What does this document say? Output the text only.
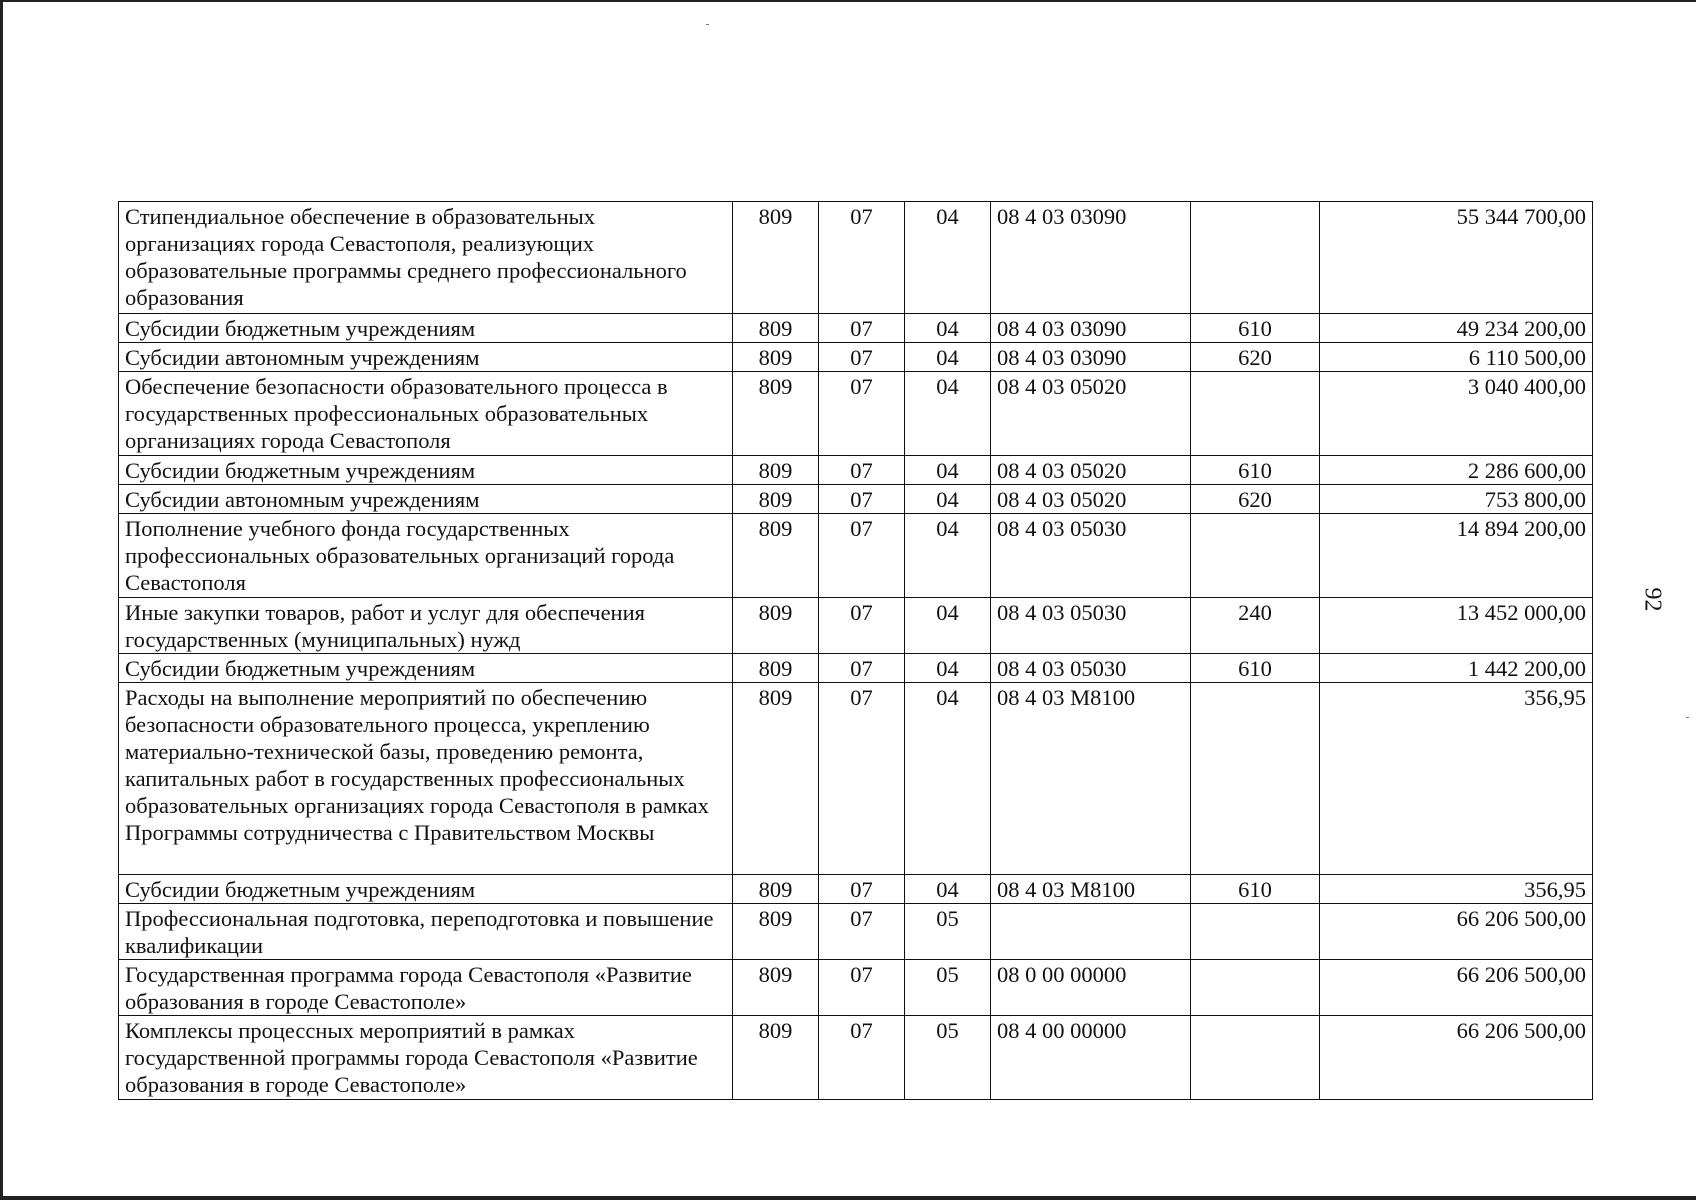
Стипендиальное обеспечение в образовательных организациях города Севастополя, реализующих образовательные программы среднего профессионального образования	809	07	04	08 4 03 03090		55 344 700,00
Субсидии бюджетным учреждениям	809	07	04	08 4 03 03090	610	49 234 200,00
Субсидии автономным учреждениям	809	07	04	08 4 03 03090	620	6 110 500,00
Обеспечение безопасности образовательного процесса в государственных профессиональных образовательных организациях города Севастополя	809	07	04	08 4 03 05020		3 040 400,00
Субсидии бюджетным учреждениям	809	07	04	08 4 03 05020	610	2 286 600,00
Субсидии автономным учреждениям	809	07	04	08 4 03 05020	620	753 800,00
Пополнение учебного фонда государственных профессиональных образовательных организаций города Севастополя	809	07	04	08 4 03 05030		14 894 200,00
Иные закупки товаров, работ и услуг для обеспечения государственных (муниципальных) нужд	809	07	04	08 4 03 05030	240	13 452 000,00
Субсидии бюджетным учреждениям	809	07	04	08 4 03 05030	610	1 442 200,00
Расходы на выполнение мероприятий по обеспечению безопасности образовательного процесса, укреплению материально-технической базы, проведению ремонта, капитальных работ в государственных профессиональных образовательных организациях города Севастополя в рамках Программы сотрудничества с Правительством Москвы	809	07	04	08 4 03 M8100		356,95
Субсидии бюджетным учреждениям	809	07	04	08 4 03 M8100	610	356,95
Профессиональная подготовка, переподготовка и повышение квалификации	809	07	05			66 206 500,00
Государственная программа города Севастополя «Развитие образования в городе Севастополе»	809	07	05	08 0 00 00000		66 206 500,00
Комплексы процессных мероприятий в рамках государственной программы города Севастополя «Развитие образования в городе Севастополе»	809	07	05	08 4 00 00000		66 206 500,00
92
